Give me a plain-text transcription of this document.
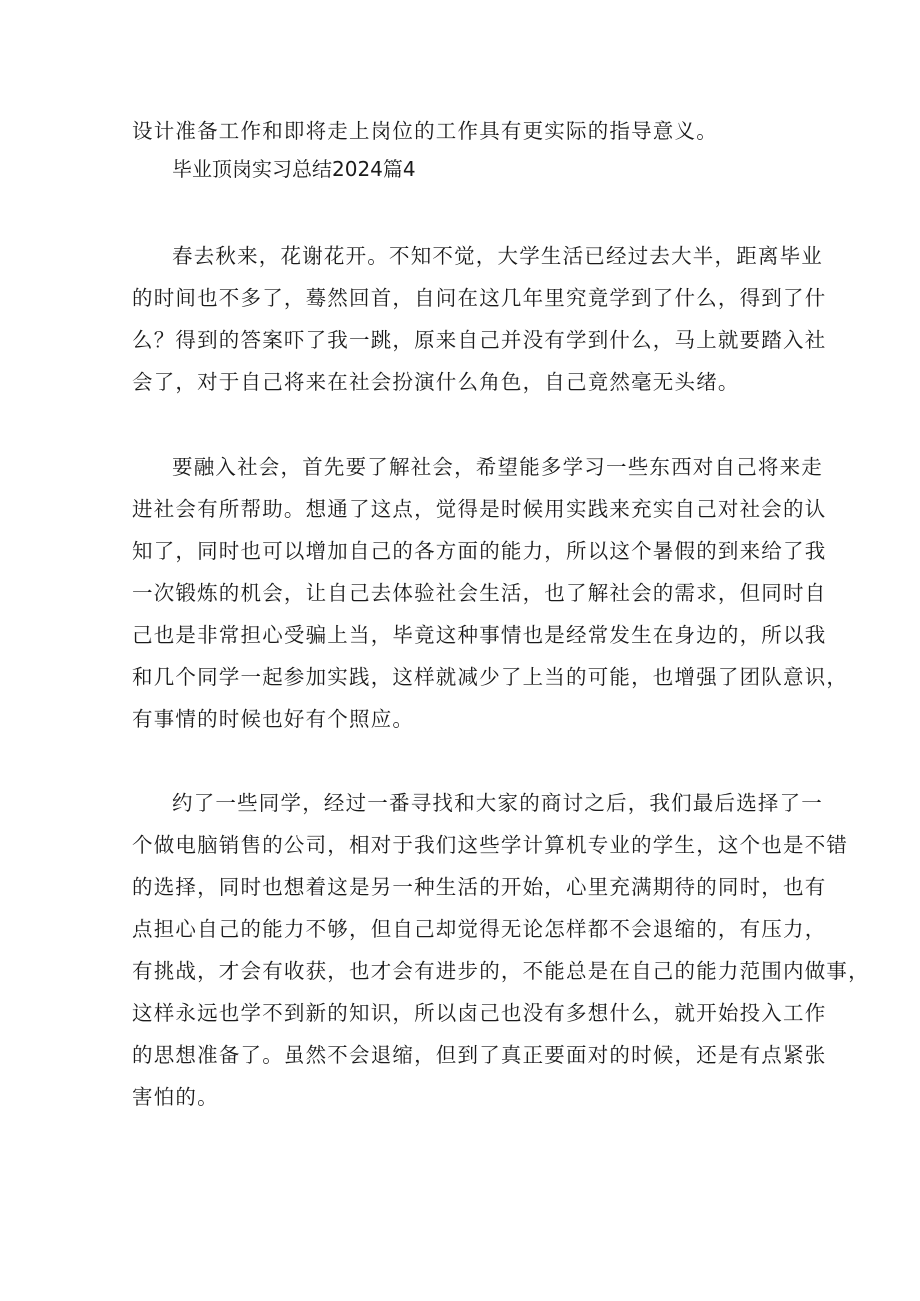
设计准备工作和即将走上岗位的工作具有更实际的指导意义。
毕业顶岗实习总结2024篇4
春去秋来，花谢花开。不知不觉，大学生活已经过去大半，距离毕业
的时间也不多了，蓦然回首，自问在这几年里究竟学到了什么，得到了什
么？得到的答案吓了我一跳，原来自己并没有学到什么，马上就要踏入社
会了，对于自己将来在社会扮演什么角色，自己竟然毫无头绪。
要融入社会，首先要了解社会，希望能多学习一些东西对自己将来走
进社会有所帮助。想通了这点，觉得是时候用实践来充实自己对社会的认
知了，同时也可以增加自己的各方面的能力，所以这个暑假的到来给了我
一次锻炼的机会，让自己去体验社会生活，也了解社会的需求，但同时自
己也是非常担心受骗上当，毕竟这种事情也是经常发生在身边的，所以我
和几个同学一起参加实践，这样就减少了上当的可能，也增强了团队意识，
有事情的时候也好有个照应。
约了一些同学，经过一番寻找和大家的商讨之后，我们最后选择了一
个做电脑销售的公司，相对于我们这些学计算机专业的学生，这个也是不错
的选择，同时也想着这是另一种生活的开始，心里充满期待的同时，也有
点担心自己的能力不够，但自己却觉得无论怎样都不会退缩的，有压力，
有挑战，才会有收获，也才会有进步的，不能总是在自己的能力范围内做事，
这样永远也学不到新的知识，所以卤己也没有多想什么，就开始投入工作
的思想准备了。虽然不会退缩，但到了真正要面对的时候，还是有点紧张
害怕的。
